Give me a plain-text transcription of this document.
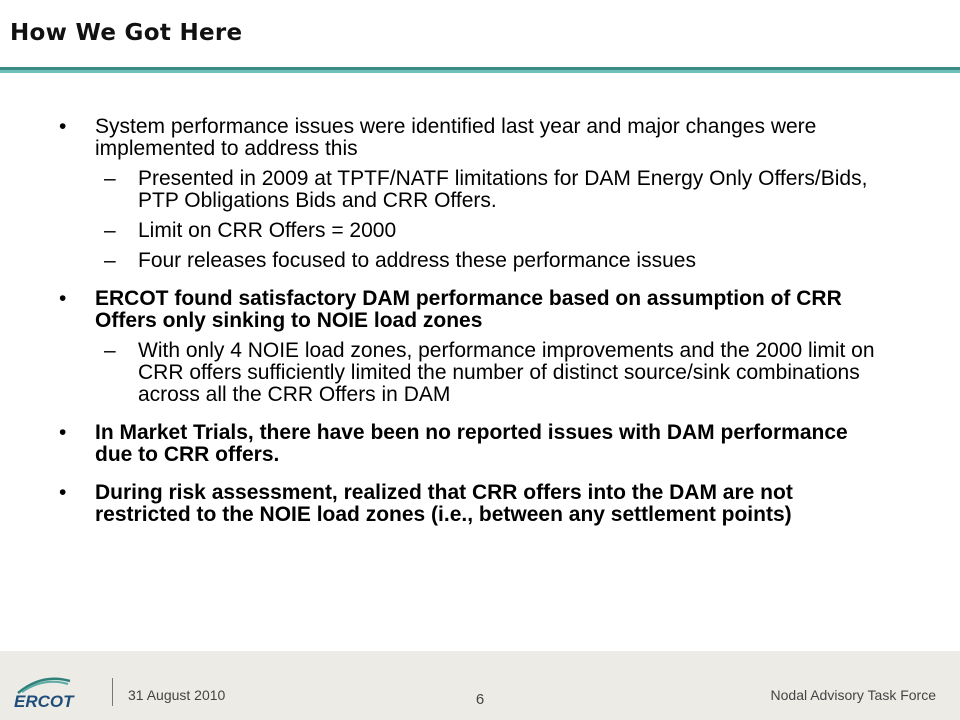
How We Got Here
• System performance issues were identified last year and major changes were implemented to address this
– Presented in 2009 at TPTF/NATF limitations for DAM Energy Only Offers/Bids, PTP Obligations Bids and CRR Offers.
– Limit on CRR Offers = 2000
– Four releases focused to address these performance issues
• ERCOT found satisfactory DAM performance based on assumption of CRR Offers only sinking to NOIE load zones
– With only 4 NOIE load zones, performance improvements and the 2000 limit on CRR offers sufficiently limited the number of distinct source/sink combinations across all the CRR Offers in DAM
• In Market Trials, there have been no reported issues with DAM performance due to CRR offers.
• During risk assessment, realized that CRR offers into the DAM are not restricted to the NOIE load zones (i.e., between any settlement points)
ERCOT	31 August 2010	6	Nodal Advisory Task Force
